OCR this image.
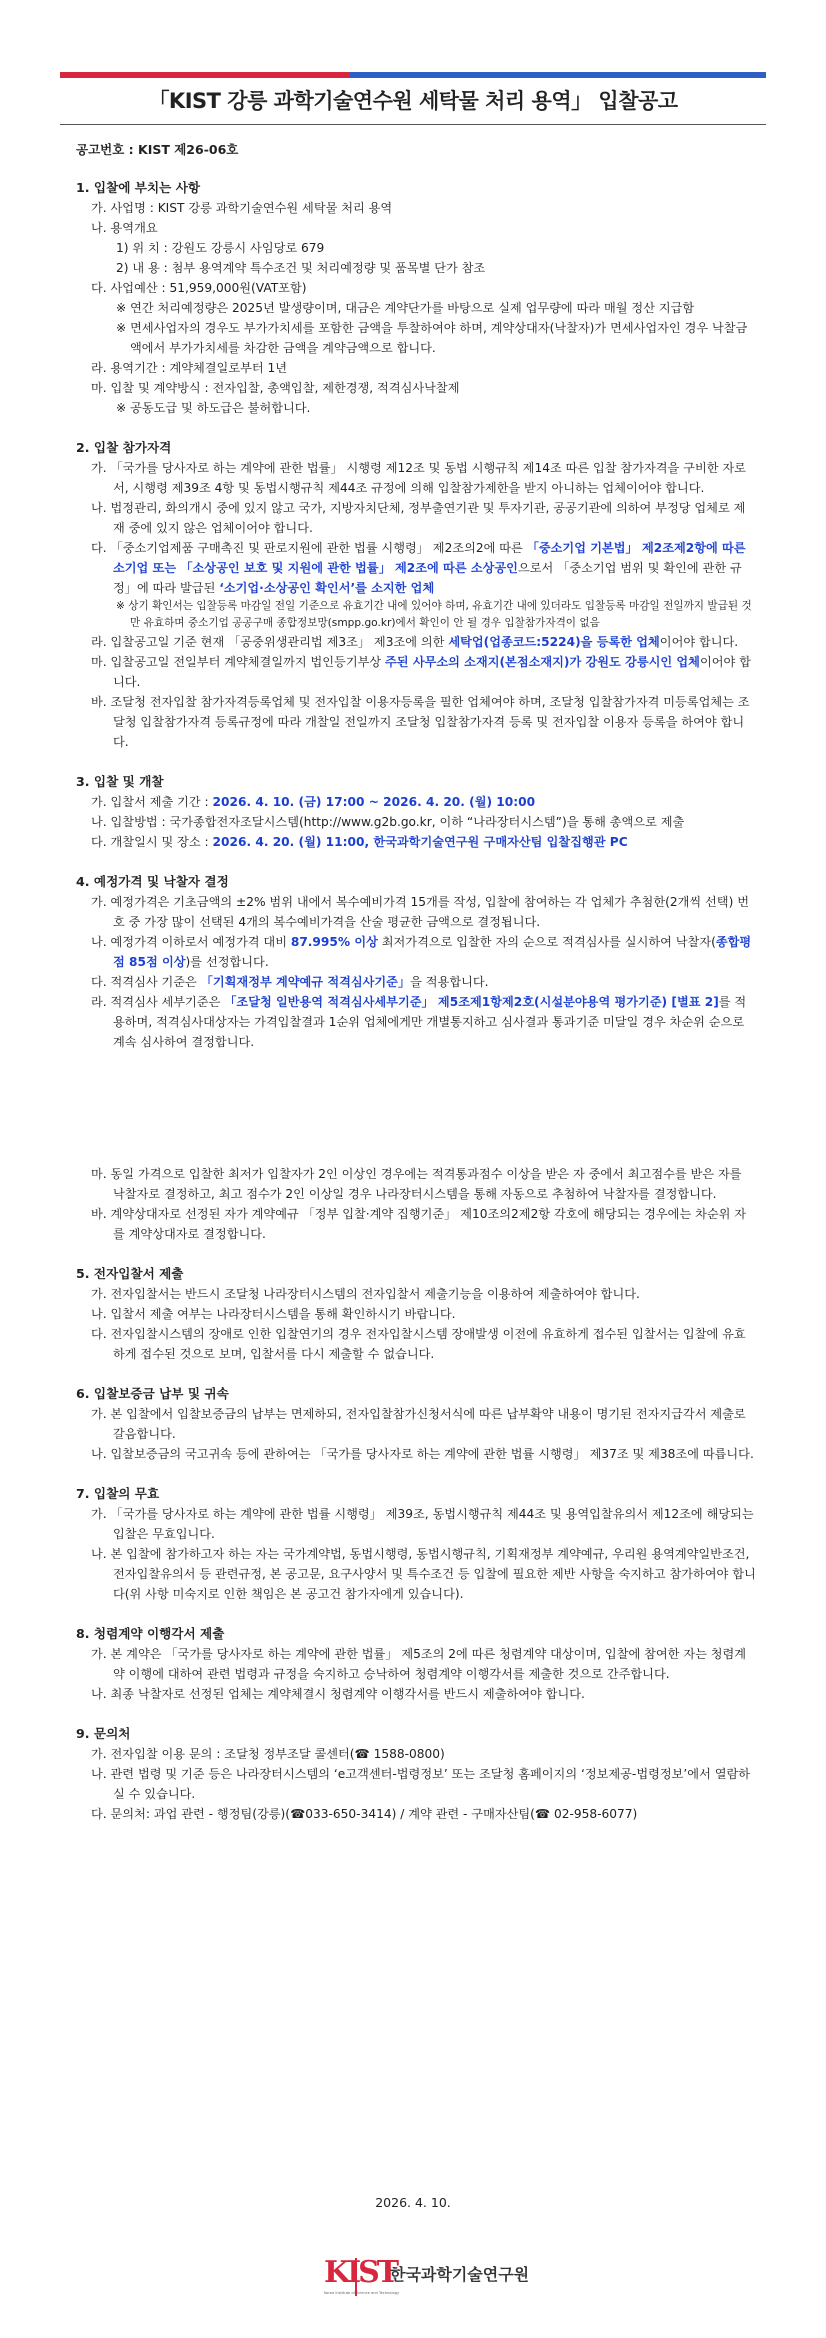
「KIST 강릉 과학기술연수원 세탁물 처리 용역」 입찰공고
공고번호 : KIST 제26-06호
1. 입찰에 부치는 사항
가. 사업명 : KIST 강릉 과학기술연수원 세탁물 처리 용역
나. 용역개요
1) 위 치 : 강원도 강릉시 사임당로 679
2) 내 용 : 첨부 용역계약 특수조건 및 처리예정량 및 품목별 단가 참조
다. 사업예산 : 51,959,000원(VAT포함)
※ 연간 처리예정량은 2025년 발생량이며, 대금은 계약단가를 바탕으로 실제 업무량에 따라 매월 정산 지급함
※ 면세사업자의 경우도 부가가치세를 포함한 금액을 투찰하여야 하며, 계약상대자(낙찰자)가 면세사업자인 경우 낙찰금액에서 부가가치세를 차감한 금액을 계약금액으로 합니다.
라. 용역기간 : 계약체결일로부터 1년
마. 입찰 및 계약방식 : 전자입찰, 총액입찰, 제한경쟁, 적격심사낙찰제
※ 공동도급 및 하도급은 불허합니다.
2. 입찰 참가자격
가. 「국가를 당사자로 하는 계약에 관한 법률」 시행령 제12조 및 동법 시행규칙 제14조 따른 입찰 참가자격을 구비한 자로서, 시행령 제39조 4항 및 동법시행규칙 제44조 규정에 의해 입찰참가제한을 받지 아니하는 업체이어야 합니다.
나. 법정관리, 화의개시 중에 있지 않고 국가, 지방자치단체, 정부출연기관 및 투자기관, 공공기관에 의하여 부정당 업체로 제재 중에 있지 않은 업체이어야 합니다.
다. 「중소기업제품 구매촉진 및 판로지원에 관한 법률 시행령」 제2조의2에 따른 「중소기업 기본법」 제2조제2항에 따른 소기업 또는 「소상공인 보호 및 지원에 관한 법률」 제2조에 따른 소상공인으로서 「중소기업 범위 및 확인에 관한 규정」에 따라 발급된 ‘소기업·소상공인 확인서’를 소지한 업체
※ 상기 확인서는 입찰등록 마감일 전일 기준으로 유효기간 내에 있어야 하며, 유효기간 내에 있더라도 입찰등록 마감일 전일까지 발급된 것만 유효하며 중소기업 공공구매 종합정보망(smpp.go.kr)에서 확인이 안 될 경우 입찰참가자격이 없음
라. 입찰공고일 기준 현재 「공중위생관리법 제3조」 제3조에 의한 세탁업(업종코드:5224)을 등록한 업체이어야 합니다.
마. 입찰공고일 전일부터 계약체결일까지 법인등기부상 주된 사무소의 소재지(본점소재지)가 강원도 강릉시인 업체이어야 합니다.
바. 조달청 전자입찰 참가자격등록업체 및 전자입찰 이용자등록을 필한 업체여야 하며, 조달청 입찰참가자격 미등록업체는 조달청 입찰참가자격 등록규정에 따라 개찰일 전일까지 조달청 입찰참가자격 등록 및 전자입찰 이용자 등록을 하여야 합니다.
3. 입찰 및 개찰
가. 입찰서 제출 기간 : 2026. 4. 10. (금) 17:00 ~ 2026. 4. 20. (월) 10:00
나. 입찰방법 : 국가종합전자조달시스템(http://www.g2b.go.kr, 이하 “나라장터시스템”)을 통해 총액으로 제출
다. 개찰일시 및 장소 : 2026. 4. 20. (월) 11:00, 한국과학기술연구원 구매자산팀 입찰집행관 PC
4. 예정가격 및 낙찰자 결정
가. 예정가격은 기초금액의 ±2% 범위 내에서 복수예비가격 15개를 작성, 입찰에 참여하는 각 업체가 추첨한(2개씩 선택) 번호 중 가장 많이 선택된 4개의 복수예비가격을 산술 평균한 금액으로 결정됩니다.
나. 예정가격 이하로서 예정가격 대비 87.995% 이상 최저가격으로 입찰한 자의 순으로 적격심사를 실시하여 낙찰자(종합평점 85점 이상)를 선정합니다.
다. 적격심사 기준은 「기획재정부 계약예규 적격심사기준」을 적용합니다.
라. 적격심사 세부기준은 「조달청 일반용역 적격심사세부기준」 제5조제1항제2호(시설분야용역 평가기준) [별표 2]를 적용하며, 적격심사대상자는 가격입찰결과 1순위 업체에게만 개별통지하고 심사결과 통과기준 미달일 경우 차순위 순으로 계속 심사하여 결정합니다.
마. 동일 가격으로 입찰한 최저가 입찰자가 2인 이상인 경우에는 적격통과점수 이상을 받은 자 중에서 최고점수를 받은 자를 낙찰자로 결정하고, 최고 점수가 2인 이상일 경우 나라장터시스템을 통해 자동으로 추첨하여 낙찰자를 결정합니다.
바. 계약상대자로 선정된 자가 계약예규 「정부 입찰·계약 집행기준」 제10조의2제2항 각호에 해당되는 경우에는 차순위 자를 계약상대자로 결정합니다.
5. 전자입찰서 제출
가. 전자입찰서는 반드시 조달청 나라장터시스템의 전자입찰서 제출기능을 이용하여 제출하여야 합니다.
나. 입찰서 제출 여부는 나라장터시스템을 통해 확인하시기 바랍니다.
다. 전자입찰시스템의 장애로 인한 입찰연기의 경우 전자입찰시스템 장애발생 이전에 유효하게 접수된 입찰서는 입찰에 유효하게 접수된 것으로 보며, 입찰서를 다시 제출할 수 없습니다.
6. 입찰보증금 납부 및 귀속
가. 본 입찰에서 입찰보증금의 납부는 면제하되, 전자입찰참가신청서식에 따른 납부확약 내용이 명기된 전자지급각서 제출로 갈음합니다.
나. 입찰보증금의 국고귀속 등에 관하여는 「국가를 당사자로 하는 계약에 관한 법률 시행령」 제37조 및 제38조에 따릅니다.
7. 입찰의 무효
가. 「국가를 당사자로 하는 계약에 관한 법률 시행령」 제39조, 동법시행규칙 제44조 및 용역입찰유의서 제12조에 해당되는 입찰은 무효입니다.
나. 본 입찰에 참가하고자 하는 자는 국가계약법, 동법시행령, 동법시행규칙, 기획재정부 계약예규, 우리원 용역계약일반조건, 전자입찰유의서 등 관련규정, 본 공고문, 요구사양서 및 특수조건 등 입찰에 필요한 제반 사항을 숙지하고 참가하여야 합니다(위 사항 미숙지로 인한 책임은 본 공고건 참가자에게 있습니다).
8. 청렴계약 이행각서 제출
가. 본 계약은 「국가를 당사자로 하는 계약에 관한 법률」 제5조의 2에 따른 청렴계약 대상이며, 입찰에 참여한 자는 청렴계약 이행에 대하여 관련 법령과 규정을 숙지하고 승낙하여 청렴계약 이행각서를 제출한 것으로 간주합니다.
나. 최종 낙찰자로 선정된 업체는 계약체결시 청렴계약 이행각서를 반드시 제출하여야 합니다.
9. 문의처
가. 전자입찰 이용 문의 : 조달청 정부조달 콜센터(☎ 1588-0800)
나. 관련 법령 및 기준 등은 나라장터시스템의 ‘e고객센터-법령정보’ 또는 조달청 홈페이지의 ‘정보제공-법령정보’에서 열람하실 수 있습니다.
다. 문의처: 과업 관련 - 행정팀(강릉)(☎033-650-3414) / 계약 관련 - 구매자산팀(☎ 02-958-6077)
2026. 4. 10.
KIST
Korea Institute of Science and Technology
한국과학기술연구원
